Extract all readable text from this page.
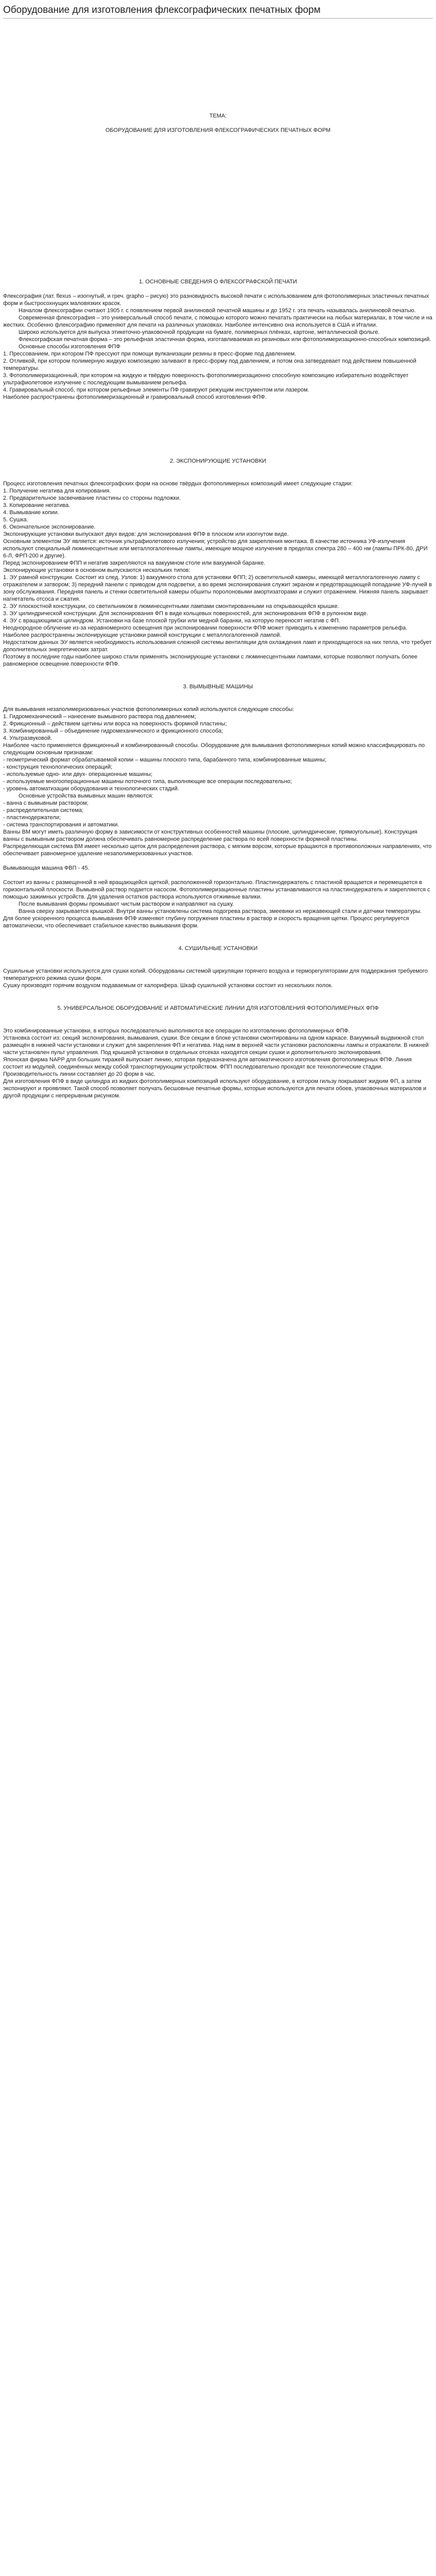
Оборудование для изготовления флексографических печатных форм

ТЕМА:

ОБОРУДОВАНИЕ ДЛЯ ИЗГОТОВЛЕНИЯ ФЛЕКСОГРАФИЧЕСКИХ ПЕЧАТНЫХ ФОРМ

1. ОСНОВНЫЕ СВЕДЕНИЯ О ФЛЕКСОГРАФСКОЙ ПЕЧАТИ

Флексография (лат. flexus – изогнутый, и греч. grapho – рисую) это разновидность высокой печати с использованием для фотополимерных эластичных печатных форм и быстросохнущих маловязких красок.

Началом флексографии считают 1905 г. с появлением первой анилиновой печатной машины и до 1952 г. эта печать называлась анилиновой печатью.

Современная флексография – это универсальный способ печати, с помощью которого можно печатать практически на любых материалах, в том числе и на жестких. Особенно флексографию применяют для печати на различных упаковках. Наиболее интенсивно она используется в США и Италии.

Широко используется для выпуска этикеточно-упаковочной продукции на бумаге, полимерных плёнках, картоне, металлической фольге.

Флексографская печатная форма – это рельефная эластичная форма, изготавливаемая из резиновых или фотополимеризационно-способных композиций.

Основные способы изготовления ФПФ

1. Прессованием, при котором ПФ прессуют при помощи вулканизации резины в пресс-форме под давлением.
2. Отливкой, при котором полимерную жидкую композицию заливают в пресс-форму под давлением, и потом она затвердевает под действием повышенной температуры.
3. Фотополимеризационный, при котором на жидкую и твёрдую поверхность фотополимеризационно способную композицию избирательно воздействует ультрафиолетовое излучение с последующим вымыванием рельефа.
4. Гравировальный способ, при котором рельефные элементы ПФ гравируют режущим инструментом или лазером.

Наиболее распространены фотополимеризационный и гравировальный способ изготовления ФПФ.

2. ЭКСПОНИРУЮЩИЕ УСТАНОВКИ

Процесс изготовления печатных флексографских форм на основе твёрдых фотополимерных композиций имеет следующие стадии:

1. Получение негатива для копирования.
2. Предварительное засвечивание пластины со стороны подложки.
3. Копирование негатива.
4. Вымывание копии.
5. Сушка.
6. Окончательное экспонирование.

Экспонирующие установки выпускают двух видов: для экспонирования ФПФ в плоском или изогнутом виде.

Основным элементом ЭУ является: источник ультрафиолетового излучения; устройство для закрепления монтажа. В качестве источника УФ-излучения используют специальный люминесцентные или металлогалогенные лампы, имеющие мощное излучение в пределах спектра 280 – 400 нм (лампы ПРК-80, ДРИ 6-Л, ФРП-200 и другие).

Перед экспонированием ФПП и негатив закрепляются на вакуумном столе или вакуумной баранке.

Экспонирующие установки в основном выпускаются нескольких типов:

1. ЭУ рамной конструкции. Состоит из след. Узлов: 1) вакуумного стола для установки ФПП; 2) осветительной камеры, имеющей металлогалогенную лампу с отражателем и затвором; 3) передний панели с приводом для подсветки, а во время экспонирования служит экраном и предотвращающей попадание УФ-лучей в зону обслуживания. Передняя панель и стенки осветительной камеры обшиты поролоновыми амортизаторами и служит отражением. Нижняя панель закрывает нагнетатель отсоса и сжатия.
2. ЭУ плоскостной конструкции, со светильником в люминесцентными лампами смонтированными на открывающейся крышке.
3. ЭУ цилиндрической конструкции. Для экспонирования ФП в виде кольцевых поверхностей, для экспонирования ФПФ в рулонном виде.
4. ЭУ с вращающимся цилиндром. Установки на базе плоской трубки или медной баранки, на которую переносят негатив с ФП.

Неоднородное облучение из-за неравномерного освещения при экспонировании поверхности ФПФ может приводить к изменению параметров рельефа.

Наиболее распространены экспонирующие установки рамной конструкции с металлогалогенной лампой.

Недостатком данных ЭУ является необходимость использования сложной системы вентиляции для охлаждения ламп и приходящегося на них тепла, что требует дополнительных энергетических затрат.

Поэтому в последние годы наиболее широко стали применять экспонирующие установки с люминесцентными лампами, которые позволяют получать более равномерное освещение поверхности ФПФ.

3. ВЫМЫВНЫЕ МАШИНЫ

Для вымывания незаполимеризованных участков фотополимерных копий используются следующие способы:

1. Гидромеханический – нанесение вымывного раствора под давлением;
2. Фрикционный – действием щетины или ворса на поверхность формной пластины;
3. Комбинированный – объединение гидромеханического и фрикционного способа;
4. Ультразвуковой.

Наиболее часто применяется фрикционный и комбинированный способы. Оборудование для вымывания фотополимерных копий можно классифицировать по следующим основным признакам:

- геометрический формат обрабатываемой копии – машины плоского типа, барабанного типа, комбинированные машины;
- конструкция технологических операций;
- используемые одно- или двух- операционные машины;
- используемые многооперационные машины поточного типа, выполняющие все операции последовательно;
- уровень автоматизации оборудования и технологических стадий.

Основные устройства вымывных машин являются:

- ванна с вымывным раствором;
- распределительная система;
- пластинодержатели;
- система транспортирования и автоматики.

Ванны ВМ могут иметь различную форму в зависимости от конструктивных особенностей машины (плоские, цилиндрические, прямоугольные). Конструкция ванны с вымывным раствором должна обеспечивать равномерное распределение раствора по всей поверхности формной пластины.

Распределяющая система ВМ имеет несколько щеток для распределения раствора, с мягким ворсом, которые вращаются в противоположных направлениях, что обеспечивает равномерное удаление незаполимеризованных участков.

Вымывающая машина ФВП - 45.

Состоит из ванны с размещенной в ней вращающейся щеткой, расположенной горизонтально. Пластинодержатель с пластиной вращается и перемещается в горизонтальной плоскости. Вымывной раствор подается насосом. Фотополимеризационные пластины устанавливаются на пластинодержатель и закрепляются с помощью зажимных устройств. Для удаления остатков раствора используются отжимные валики.

После вымывания формы промывают чистым раствором и направляют на сушку.

Ванна сверху закрывается крышкой. Внутри ванны установлены система подогрева раствора, змеевики из нержавеющей стали и датчики температуры.

Для более ускоренного процесса вымывания ФПФ изменяют глубину погружения пластины в раствор и скорость вращения щетки. Процесс регулируется автоматически, что обеспечивает стабильное качество вымывания форм.

4. СУШИЛЬНЫЕ УСТАНОВКИ

Сушильные установки используются для сушки копий. Оборудованы системой циркуляции горячего воздуха и терморегуляторами для поддержания требуемого температурного режима сушки форм.

Сушку производят горячим воздухом подаваемым от калорифера. Шкаф сушильной установки состоит из нескольких полок.

5. УНИВЕРСАЛЬНОЕ ОБОРУДОВАНИЕ И АВТОМАТИЧЕСКИЕ ЛИНИИ ДЛЯ ИЗГОТОВЛЕНИЯ ФОТОПОЛИМЕРНЫХ ФПФ

Это комбинированные установки, в которых последовательно выполняются все операции по изготовлению фотополимерных ФПФ.

Установка состоит из: секций экспонирования, вымывания, сушки. Все секции в блоке установки смонтированы на одном каркасе. Вакуумный выдвижной стол размещён в нижней части установки и служит для закрепления ФП и негатива. Над ним в верхней части установки расположены лампы и отражатели. В нижней части установлен пульт управления. Под крышкой установки в отдельных отсеках находятся секции сушки и дополнительного экспонирования.

Японская фирма NAPP для больших тиражей выпускает линию, которая предназначена для автоматического изготовления фотополимерных ФПФ. Линия состоит из модулей, соединённых между собой транспортирующим устройством. ФПП последовательно проходят все технологические стадии. Производительность линии составляет до 20 форм в час.

Для изготовления ФПФ в виде цилиндра из жидких фотополимерных композиций используют оборудование, в котором гильзу покрывают жидким ФП, а затем экспонируют и проявляют. Такой способ позволяет получать бесшовные печатные формы, которые используются для печати обоев, упаковочных материалов и другой продукции с непрерывным рисунком.
